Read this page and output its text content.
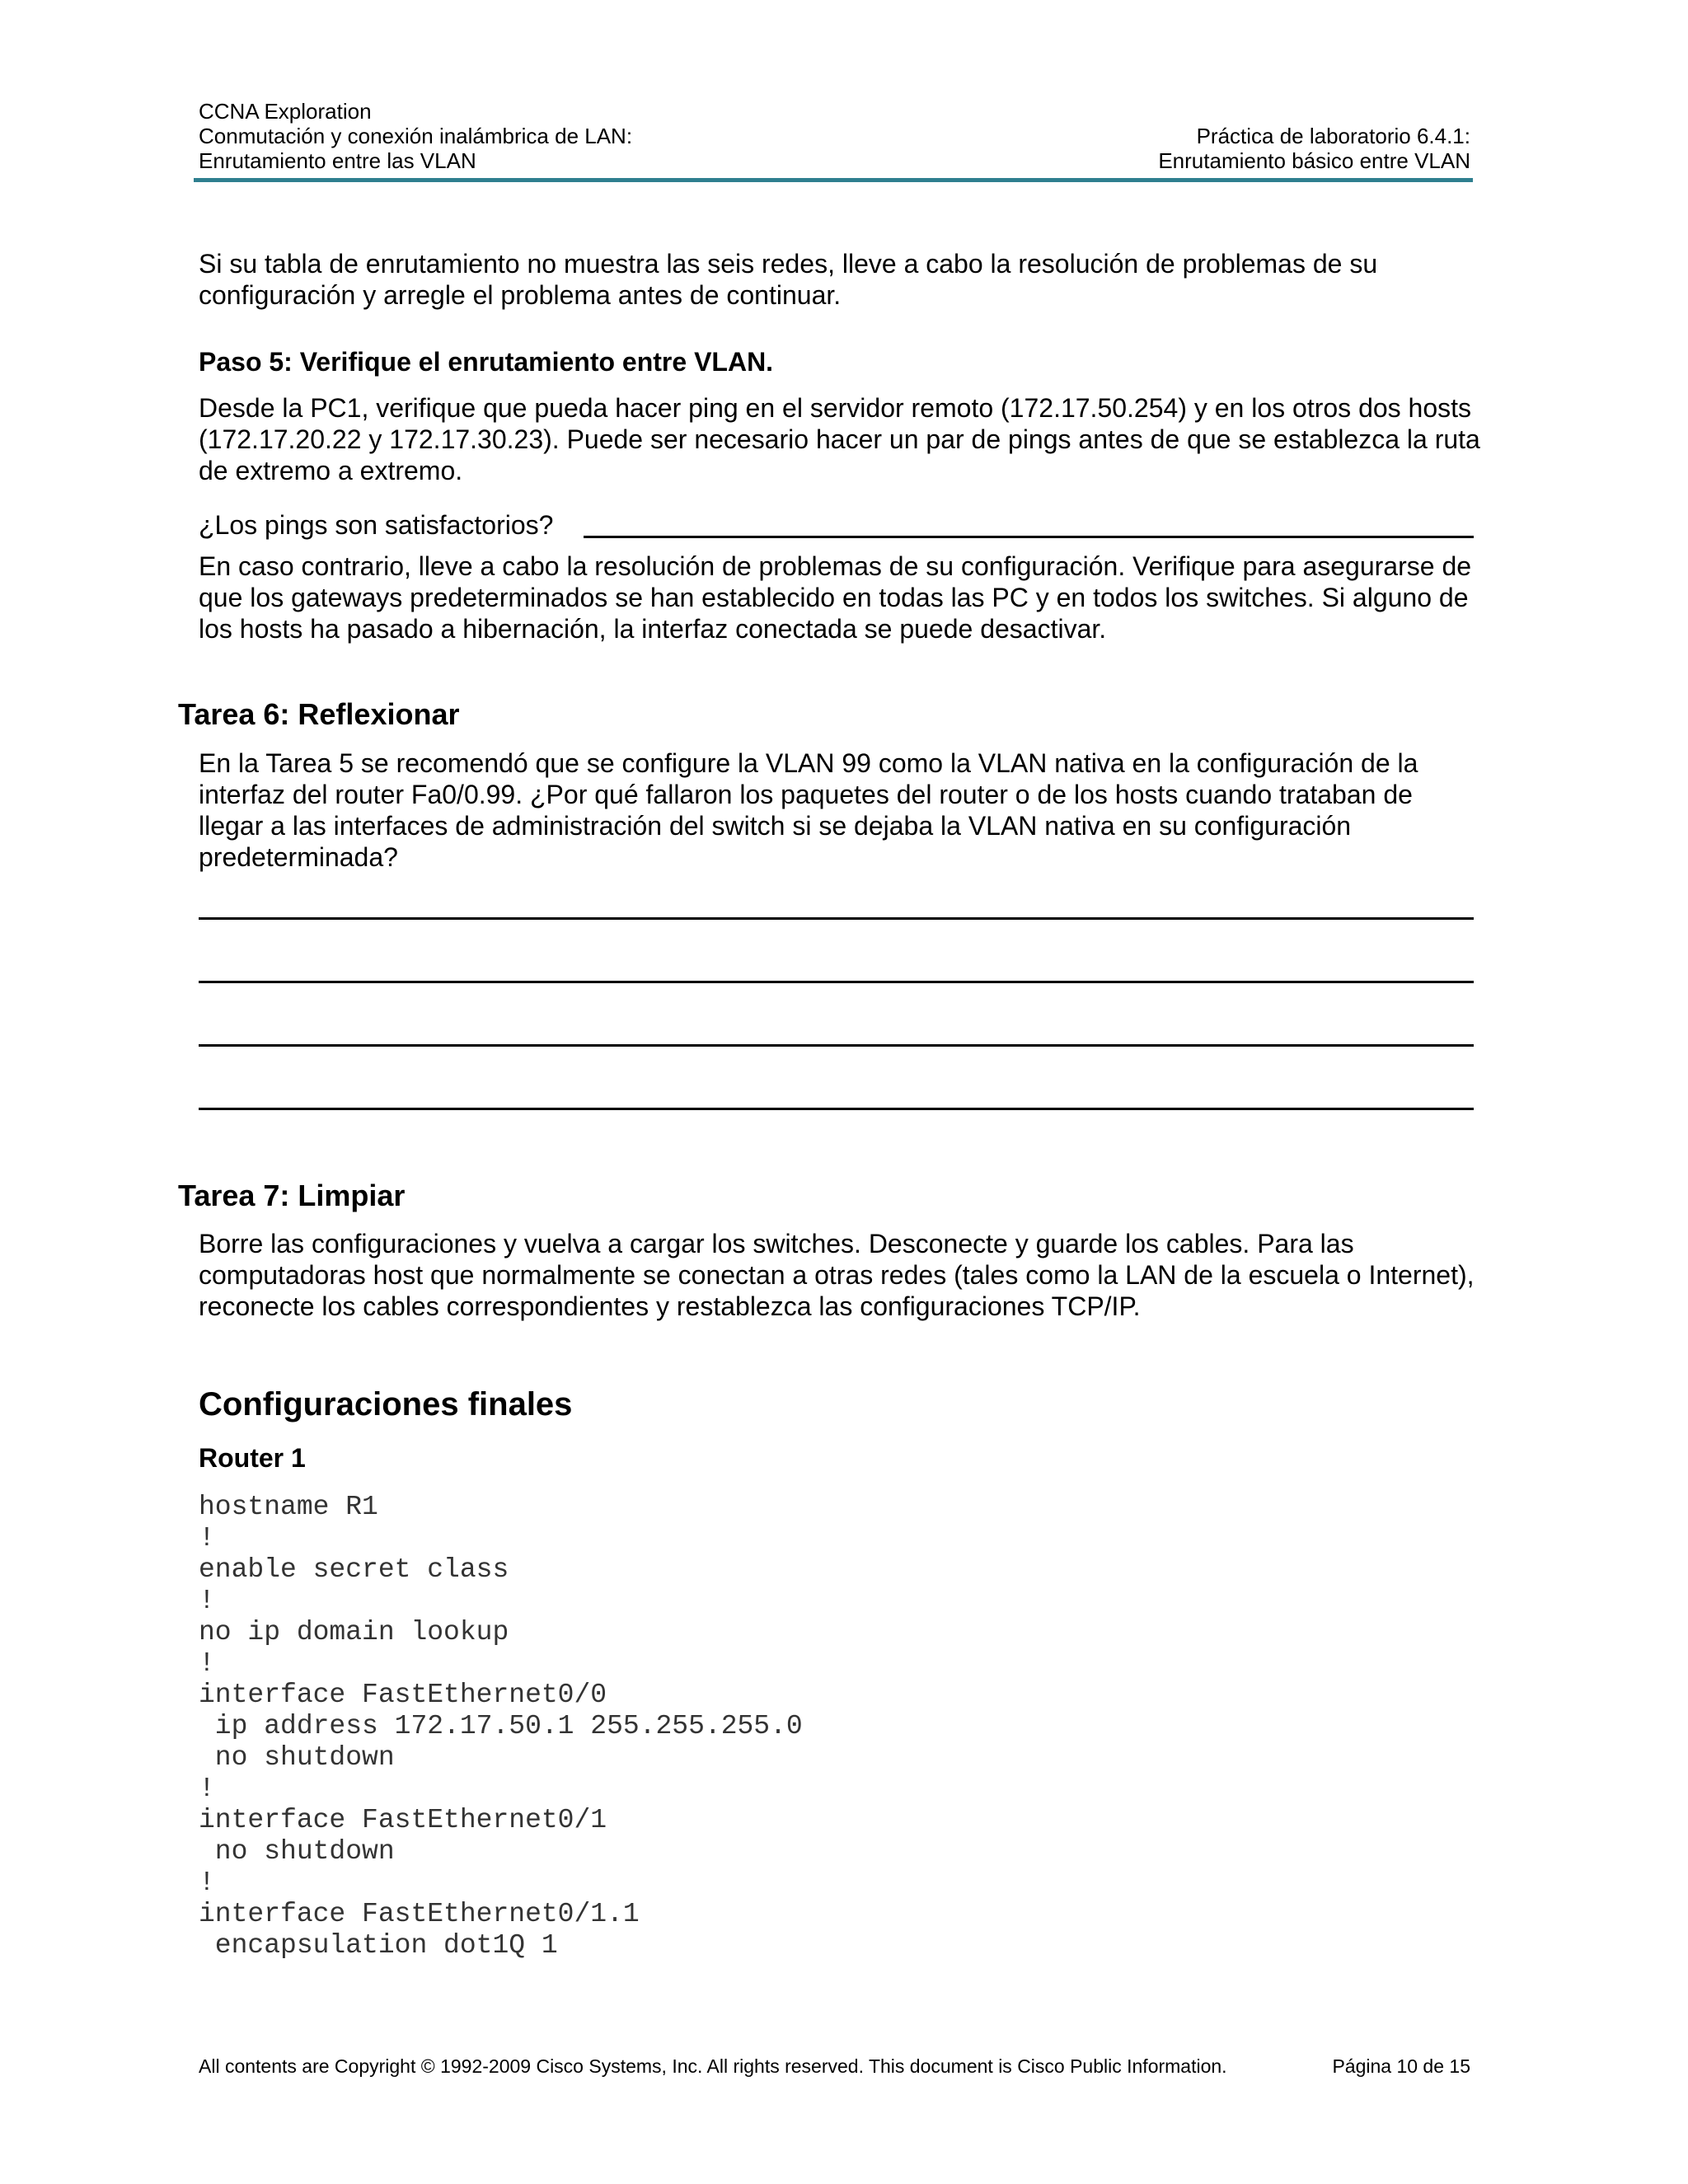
CCNA Exploration
Conmutación y conexión inalámbrica de LAN:
Enrutamiento entre las VLAN
Práctica de laboratorio 6.4.1:
Enrutamiento básico entre VLAN
Si su tabla de enrutamiento no muestra las seis redes, lleve a cabo la resolución de problemas de su configuración y arregle el problema antes de continuar.
Paso 5: Verifique el enrutamiento entre VLAN.
Desde la PC1, verifique que pueda hacer ping en el servidor remoto (172.17.50.254) y en los otros dos hosts (172.17.20.22 y 172.17.30.23). Puede ser necesario hacer un par de pings antes de que se establezca la ruta de extremo a extremo.
¿Los pings son satisfactorios?
En caso contrario, lleve a cabo la resolución de problemas de su configuración. Verifique para asegurarse de que los gateways predeterminados se han establecido en todas las PC y en todos los switches. Si alguno de los hosts ha pasado a hibernación, la interfaz conectada se puede desactivar.
Tarea 6: Reflexionar
En la Tarea 5 se recomendó que se configure la VLAN 99 como la VLAN nativa en la configuración de la interfaz del router Fa0/0.99. ¿Por qué fallaron los paquetes del router o de los hosts cuando trataban de llegar a las interfaces de administración del switch si se dejaba la VLAN nativa en su configuración predeterminada?
Tarea 7: Limpiar
Borre las configuraciones y vuelva a cargar los switches. Desconecte y guarde los cables. Para las computadoras host que normalmente se conectan a otras redes (tales como la LAN de la escuela o Internet), reconecte los cables correspondientes y restablezca las configuraciones TCP/IP.
Configuraciones finales
Router 1
hostname R1
!
enable secret class
!
no ip domain lookup
!
interface FastEthernet0/0
ip address 172.17.50.1 255.255.255.0
no shutdown
!
interface FastEthernet0/1
no shutdown
!
interface FastEthernet0/1.1
encapsulation dot1Q 1
All contents are Copyright © 1992-2009 Cisco Systems, Inc. All rights reserved. This document is Cisco Public Information.	Página 10 de 15
